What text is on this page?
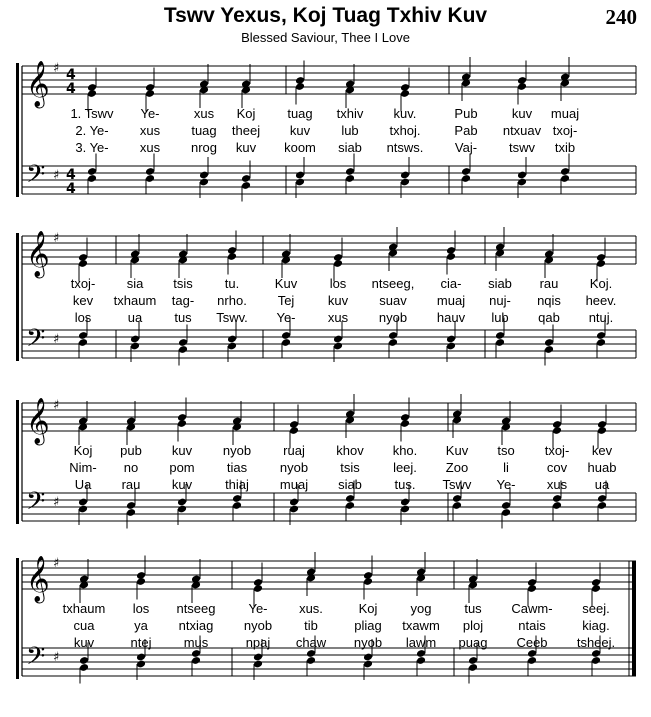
Tswv Yexus, Koj Tuag Txhiv Kuv	240
Blessed Saviour, Thee I Love
𝄞
𝄢
♯
♯
4
4
4
4
1. Tswv Ye-	xus Koj tuag txhiv kuv.	Pub	kuv muaj
2. Ye- xus tuag theej kuv lub txhoj.	Pab ntxuav txoj-
3. Ye- xus nrog kuv koom siab ntsws. Vaj- tswv txib
𝄞
𝄢
♯
♯
txoj- sia tsis tu.	Kuv los ntseeg, cia- siab rau Koj.
kev txhaum tag- nrho. Tej	kuv suav muaj nuj- nqis heev.
los	ua tus Tswv. Ye- xus nyob hauv lub qab ntuj.
𝄞
𝄢
♯
♯
Koj pub kuv nyob ruaj khov kho. Kuv tso txoj- kev
Nim- no pom tias	nyob tsis	leej. Zoo	li	cov huab
Ua rau kuv	thiaj muaj siab	tus. Tswv Ye- xus ua
𝄞
𝄢
♯
♯
txhaum los ntseeg	Ye- xus.	Koj	yog	tus Cawm- seej.
cua	ya ntxiag nyob tib	pliag txawm ploj	ntais	kiag.
kuv	ntej mus	npaj chaw nyob lawm puag Ceeb tsheej.
